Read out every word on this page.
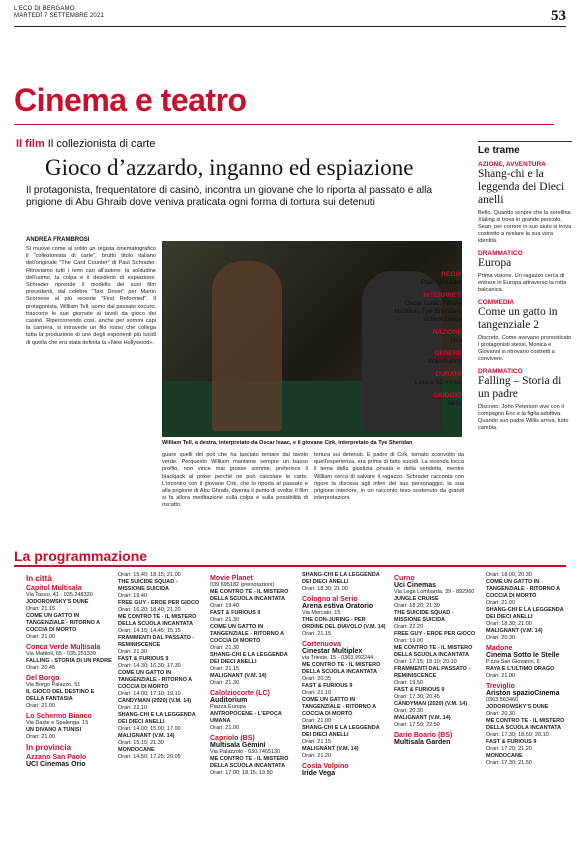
L'ECO DI BERGAMO
MARTEDÌ 7 SETTEMBRE 2021	53
Cinema e teatro
Il film Il collezionista di carte
Gioco d’azzardo, inganno ed espiazione
Il protagonista, frequentatore di casinò, incontra un giovane che lo riporta al passato e alla prigione di Abu Ghraib dove veniva praticata ogni forma di tortura sui detenuti
ANDREA FRAMBROSI
Si muove come al solito un regista cinematografico il "collezionista di carte", brutto titolo italiano dell'originale "The Card Counter" di Paul Schrader. Ritroviamo tutti i temi cari all'autore: la solitudine dell'uomo, la colpa e il desiderio di espiazione. Schrader riprende il modello dei suoi film precedenti, dal celebre "Taxi Driver" per Martin Scorsese al più recente "First Reformed". Il protagonista, William Tell, uomo dal passato oscuro, trascorre le sue giornate ai tavoli da gioco dei casinò. Ripercorrendo così, anche per sommi capi la carriera, si intravede un filo rosso che collega tutta la produzione di uno degli esponenti più lucidi di quella che era stata definita la «New Hollywood».
William Tell, a destra, interpretato da Oscar Isaac, e il giovane Cirk, interpretato da Tye Sheridan
REGIA
Paul Schrader
INTERPRETI
Oscar Isaac, Tiffany Haddish, Tye Sheridan, Willem Dafoe
NAZIONE
Usa
GENERE
drammatico
DURATA
1 ora e 52 minuti
GIUDIZIO
bello
guare quelli del poli che ha lasciato tentare dal tavolo verde. Perquesto William mantiene sempre un basso profilo, non vince mai grosse somme, preferisce il blackjack al poker perché ne può calcolare le carte. L'incontro con il giovane Cirk, che lo riporta al passato e alla prigione di Abu Ghraib, diventa il punto di svolta: il film si fa allora meditazione sulla colpa e sulla possibilità di riscatto.
tortura sui detenuti. È padre di Cirk, tornato sconvolto da quell'esperienza, era prima di fatto suicidi. La vicenda tocca il tema della giustizia privata e della vendetta, mentre William cerca di salvare il ragazzo. Schrader racconta con rigore la discesa agli inferi del suo personaggio, la sua prigione interiore, in un racconto teso sostenuto da grandi interpretazioni.
Le trame
AZIONE, AVVENTURA
Shang-chi e la leggenda dei Dieci anelli
Bello. Quando scopre che la sorellina Xialing si trova in grande pericolo, Sean, per correre in suo aiuto si trova costretto a rivelare la sua vera identità.
DRAMMATICO
Europa
Prima visione. Un ragazzo cerca di entrare in Europa attraverso la rotta balcanica.
COMMEDIA
Come un gatto in tangenziale 2
Discreto. Come avevano pronosticato i protagonisti stessi, Monica e Giovanni si ritrovano costretti a convivere.
DRAMMATICO
Falling – Storia di un padre
Discreto. John Peterson vive con il compagno Eric e la figlia adottiva. Quando suo padre Willis arriva, tutto cambia.
La programmazione
In città
Capitol Multisala
Via Tasso, 41 - 035.248330
JODOROWSKY'S DUNE
Orari: 21.15
COME UN GATTO IN TANGENZIALE - RITORNO A COCCIA DI MORTO
Orari: 21.00
Conca Verde Multisala
Via Mattioli, 65 - 035.251339
FALLING - STORIA DI UN PADRE
Orari: 20.45
Del Borgo
Via Borgo Palazzo, 51
IL GIOCO DEL DESTINO E DELLA FANTASIA
Orari: 21.00
Lo Schermo Bianco
Via Daste e Spalenga, 15
UN DIVANO A TUNISI
Orari: 21.00
In provincia
Azzano San Paolo
UCI Cinemas Orio
Orari: 15.40; 18.15; 21.00
THE SUICIDE SQUAD - MISSIONE SUICIDA
Orari: 19.40
FREE GUY - EROE PER GIOCO
Orari: 16.20; 18.40; 21.20
ME CONTRO TE - IL MISTERO DELLA SCUOLA INCANTATA
Orari: 14.15; 14.45; 15.15
FRAMMENTI DAL PASSATO - REMINISCENCE
Orari: 21.30
FAST & FURIOUS 9
Orari: 14.30; 16.30; 17.30
COME UN GATTO IN TANGENZIALE - RITORNO A COCCIA DI MORTO
Orari: 14.00; 17.10; 19.10
CANDYMAN (2020) (V.M. 14)
Orari: 22.10
SHANG-CHI E LA LEGGENDA DEI DIECI ANELLI
Orari: 14.00; 15.00; 17.00
MALIGNANT (V.M. 14)
Orari: 15.15; 21.30
MONDOCANE
Orari: 14.50; 17.25; 20.05
Movie Planet
039.695182 (prenotazioni)
ME CONTRO TE - IL MISTERO DELLA SCUOLA INCANTATA
Orari: 19.40
FAST & FURIOUS 9
Orari: 21.30
COME UN GATTO IN TANGENZIALE - RITORNO A COCCIA DI MORTO
Orari: 21.30
SHANG-CHI E LA LEGGENDA DEI DIECI ANELLI
Orari: 21.15
MALIGNANT (V.M. 14)
Orari: 21.30
Calolziocorte (LC)
Auditorium
Piazza Europa
ANTROPOCENE - L'EPOCA UMANA
Orari: 21.00
Capriolo (BS)
Multisala Gemini
Via Palazzolo - 030.7465130
ME CONTRO TE - IL MISTERO DELLA SCUOLA INCANTATA
Orari: 17.00; 18.15; 19.50
SHANG-CHI E LA LEGGENDA DEI DIECI ANELLI
Orari: 18.30; 21.00
Cologno al Serio
Arena estiva Oratorio
Via Mercato, 15
THE CON-JURING - PER ORDINE DEL DIAVOLO (V.M. 14)
Orari: 21.15
Cortenuova
Cinestar Multiplex
via Trieste, 15 - 0363.992244
ME CONTRO TE - IL MISTERO DELLA SCUOLA INCANTATA
Orari: 20.35
FAST & FURIOUS 9
Orari: 21.10
COME UN GATTO IN TANGENZIALE - RITORNO A COCCIA DI MORTO
Orari: 21.00
SHANG-CHI E LA LEGGENDA DEI DIECI ANELLI
Orari: 21.15
MALIGNANT (V.M. 14)
Orari: 21.20
Costa Volpino
Iride Vega
Curno
Uci Cinemas
Via Lega Lombarda, 39 - 892960
JUNGLE CRUISE
Orari: 18.20; 21.30
THE SUICIDE SQUAD - MISSIONE SUICIDA
Orari: 22.20
FREE GUY - EROE PER GIOCO
Orari: 19.00
ME CONTRO TE - IL MISTERO DELLA SCUOLA INCANTATA
Orari: 17.15; 18.10; 20.10
FRAMMENTI DAL PASSATO - REMINISCENCE
Orari: 19.50
FAST & FURIOUS 9
Orari: 17.30; 20.45
CANDYMAN (2020) (V.M. 14)
Orari: 20.30
MALIGNANT (V.M. 14)
Orari: 17.50; 22.50
Dario Boario (BS)
Multisala Garden
Orari: 18.00; 20.30
COME UN GATTO IN TANGENZIALE - RITORNO A COCCIA DI MORTO
Orari: 21.00
SHANG-CHI E LA LEGGENDA DEI DIECI ANELLI
Orari: 18.30; 21.00
MALIGNANT (V.M. 14)
Orari: 20.30
Madone
Cinema Sotto le Stelle
P.zza San Giovanni, 6
RAYA E L'ULTIMO DRAGO
Orari: 21.00
Treviglio
Ariston spazioCinema
0363.563460
JODOROWSKY'S DUNE
Orari: 20.30
ME CONTRO TE - IL MISTERO DELLA SCUOLA INCANTATA
Orari: 17.30; 18.50; 20.10
FAST & FURIOUS 9
Orari: 17.20; 21.20
MONDOCANE
Orari: 17.30; 21.50
